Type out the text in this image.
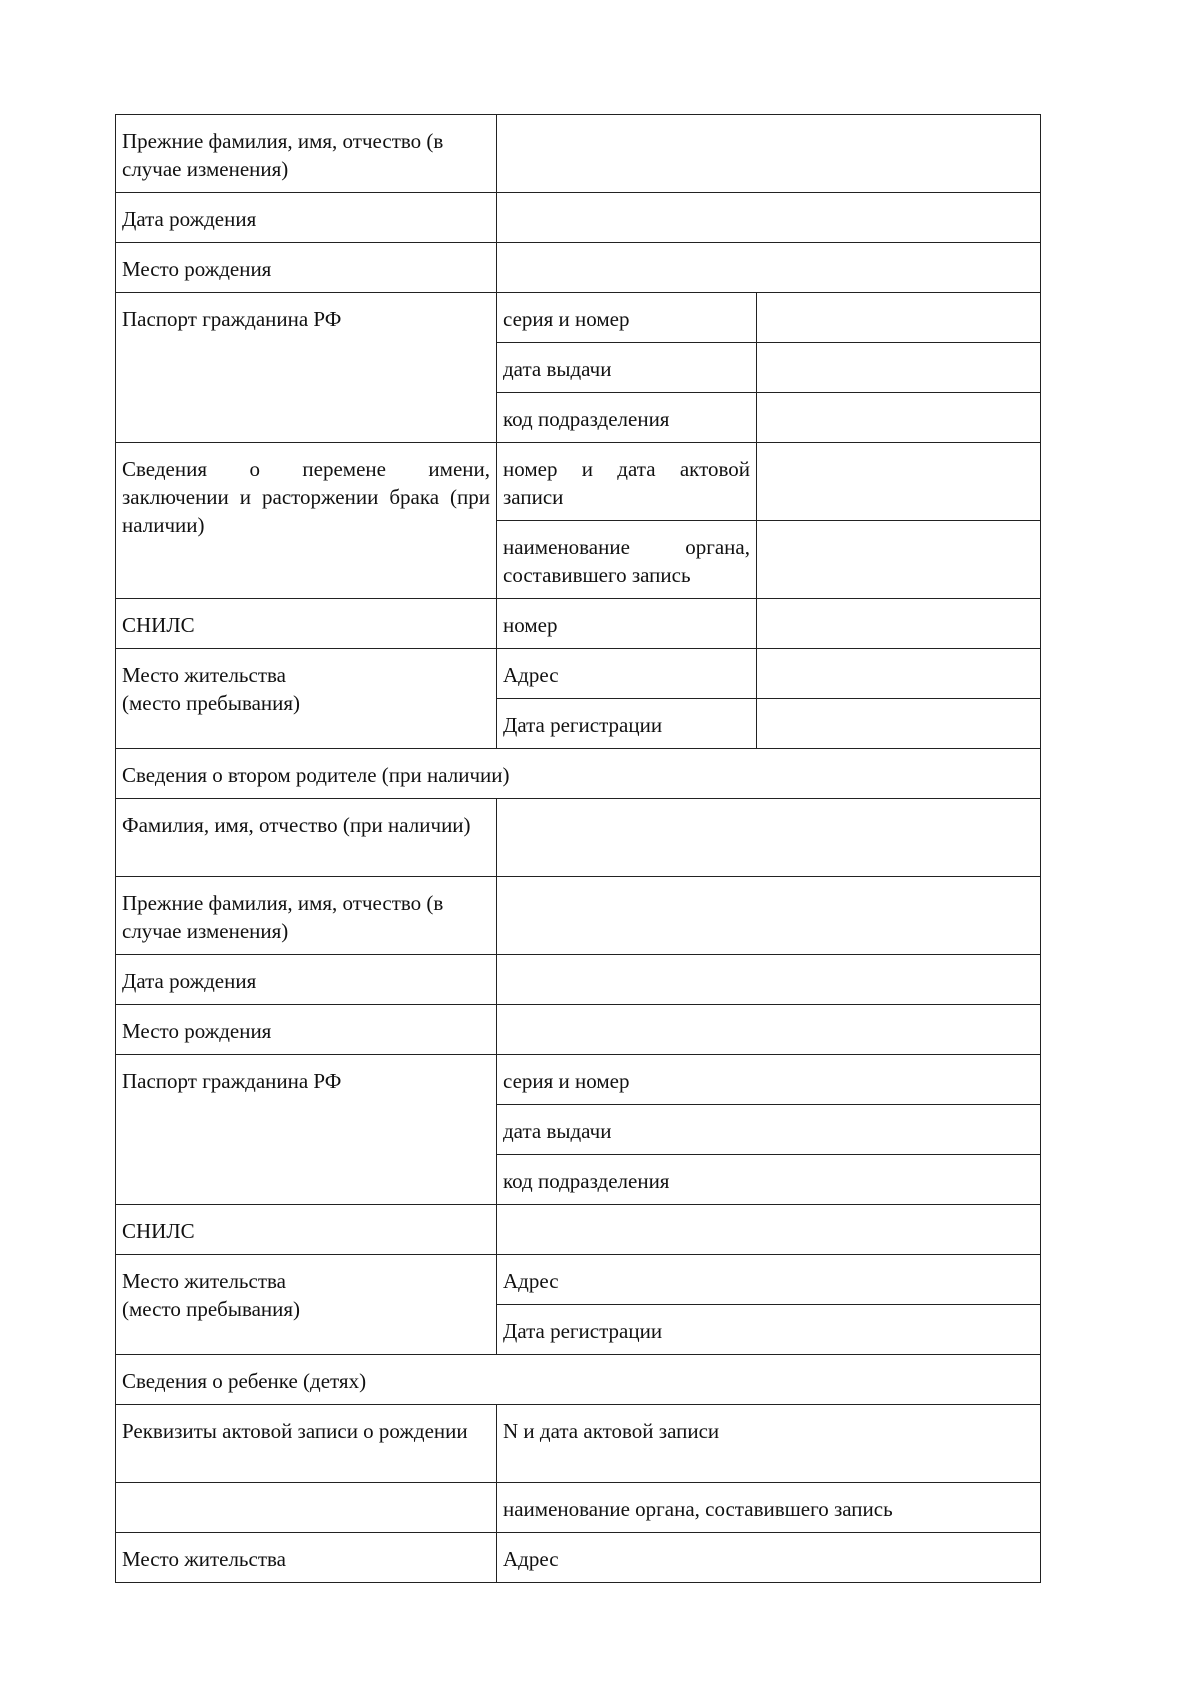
Прежние фамилия, имя, отчество (в случае изменения)		

Дата рождения		

Место рождения		

Паспорт гражданина РФ	серия и номер	

	дата выдачи	

	код подразделения	

Сведения о перемене имени, заключении и расторжении брака (при наличии)	номер и дата актовой записи	

	наименование органа, составившего запись	

СНИЛС	номер	

Место жительства
(место пребывания)	Адрес	

	Дата регистрации	

Сведения о втором родителе (при наличии)		

Фамилия, имя, отчество (при наличии)		

Прежние фамилия, имя, отчество (в случае изменения)		

Дата рождения		

Место рождения		

Паспорт гражданина РФ	серия и номер	

	дата выдачи	

	код подразделения	

СНИЛС		

Место жительства
(место пребывания)	Адрес	

	Дата регистрации	

Сведения о ребенке (детях)		

Реквизиты актовой записи о рождении	N и дата актовой записи	

	наименование органа, составившего запись	

Место жительства	Адрес	
